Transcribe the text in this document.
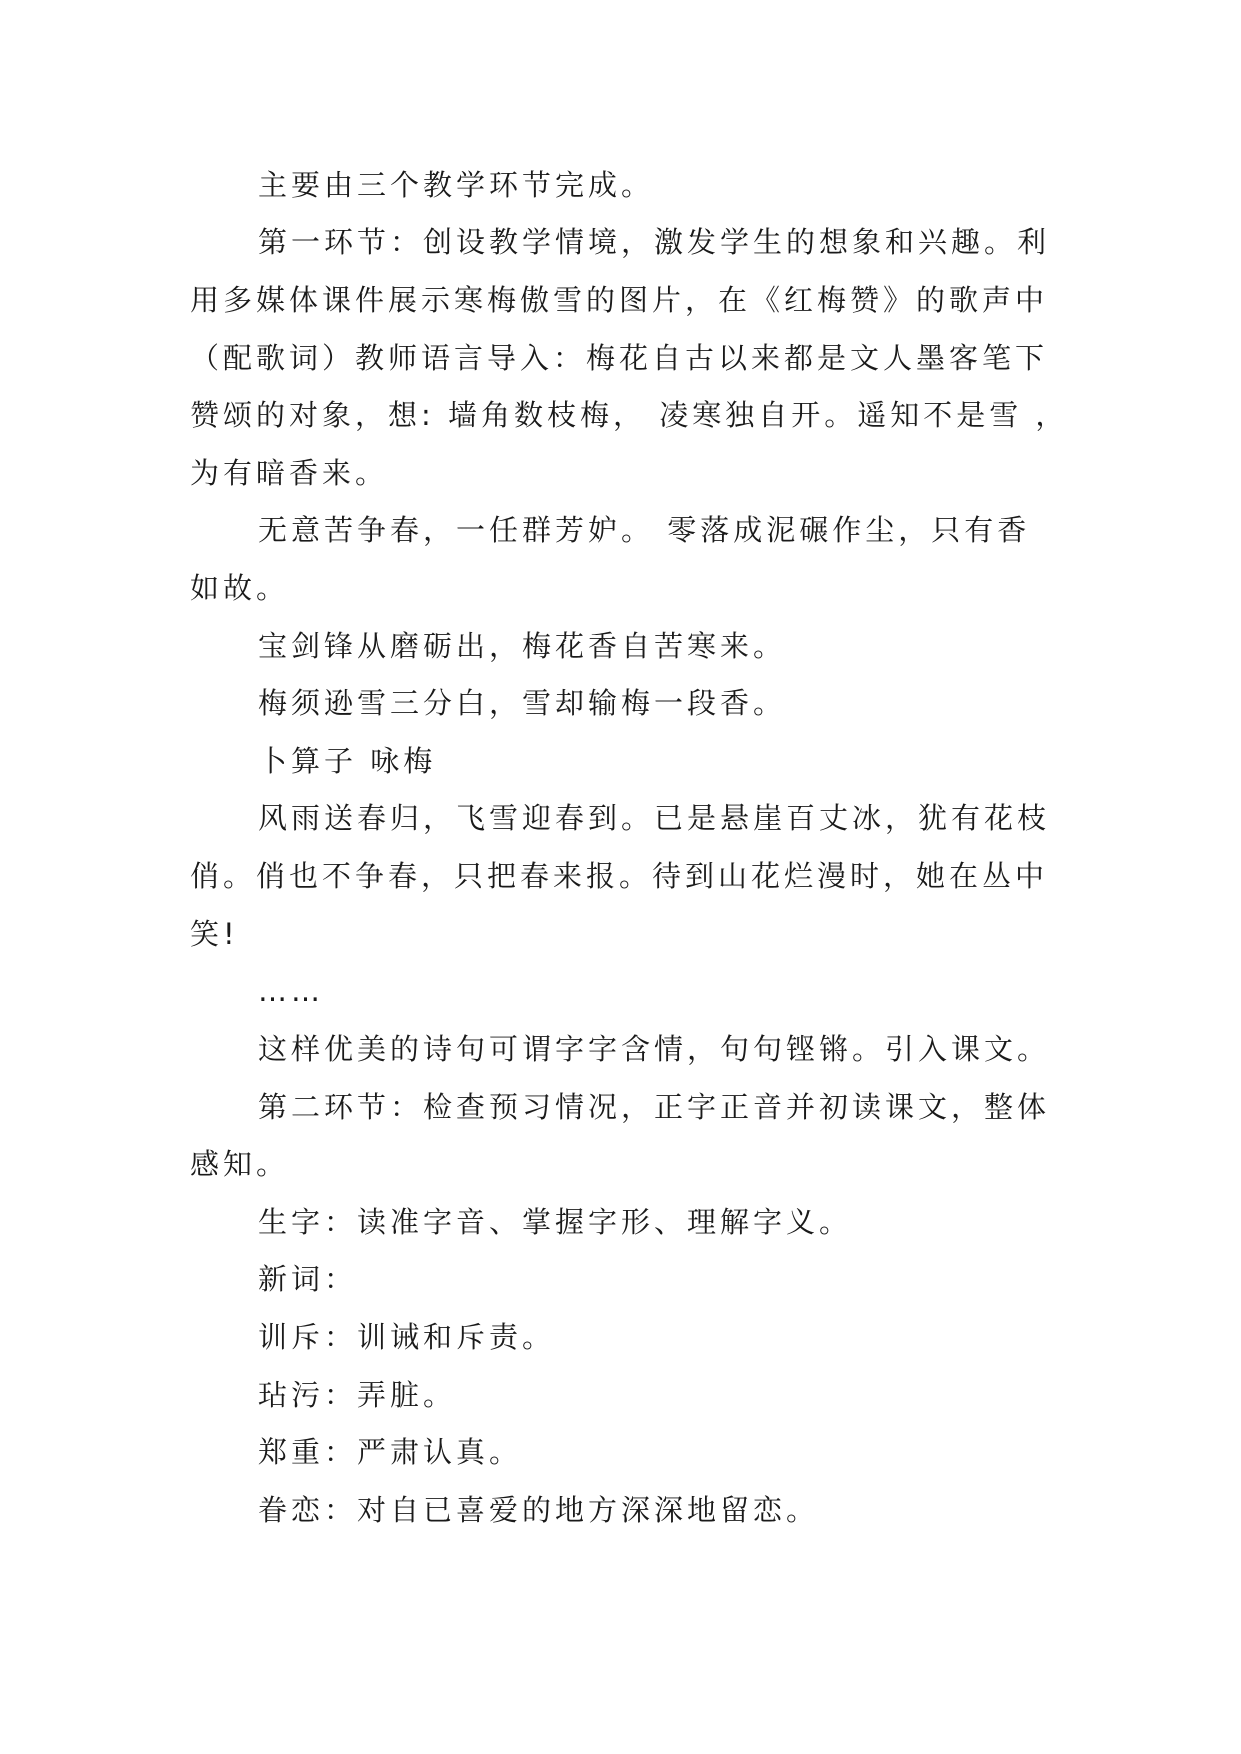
主要由三个教学环节完成。
第一环节：创设教学情境，激发学生的想象和兴趣。利
用多媒体课件展示寒梅傲雪的图片，在《红梅赞》的歌声中
（配歌词）教师语言导入：梅花自古以来都是文人墨客笔下
赞颂的对象，想: 墙角数枝梅， 凌寒独自开。遥知不是雪 ，
为有暗香来。
无意苦争春，一任群芳妒。 零落成泥碾作尘，只有香
如故。
宝剑锋从磨砺出，梅花香自苦寒来。
梅须逊雪三分白，雪却输梅一段香。
卜算子 咏梅
风雨送春归，飞雪迎春到。已是悬崖百丈冰，犹有花枝
俏。俏也不争春，只把春来报。待到山花烂漫时，她在丛中
笑!
……
这样优美的诗句可谓字字含情，句句铿锵。引入课文。
第二环节：检查预习情况，正字正音并初读课文，整体
感知。
生字：读准字音、掌握字形、理解字义。
新词：
训斥：训诫和斥责。
玷污：弄脏。
郑重：严肃认真。
眷恋：对自已喜爱的地方深深地留恋。
